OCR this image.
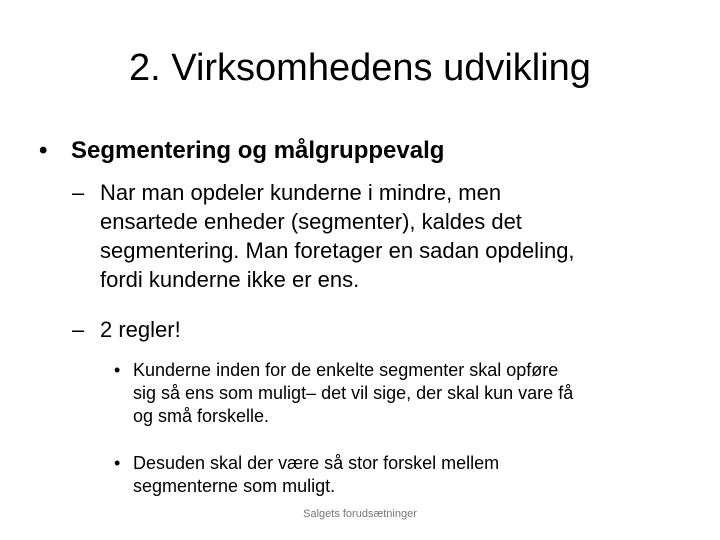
2. Virksomhedens udvikling
• Segmentering og målgruppevalg
– Nar man opdeler kunderne i mindre, men
ensartede enheder (segmenter), kaldes det
segmentering. Man foretager en sadan opdeling,
fordi kunderne ikke er ens.
– 2 regler!
• Kunderne inden for de enkelte segmenter skal opføre
sig så ens som muligt– det vil sige, der skal kun vare få
og små forskelle.
• Desuden skal der være så stor forskel mellem
segmenterne som muligt.
Salgets forudsætninger
